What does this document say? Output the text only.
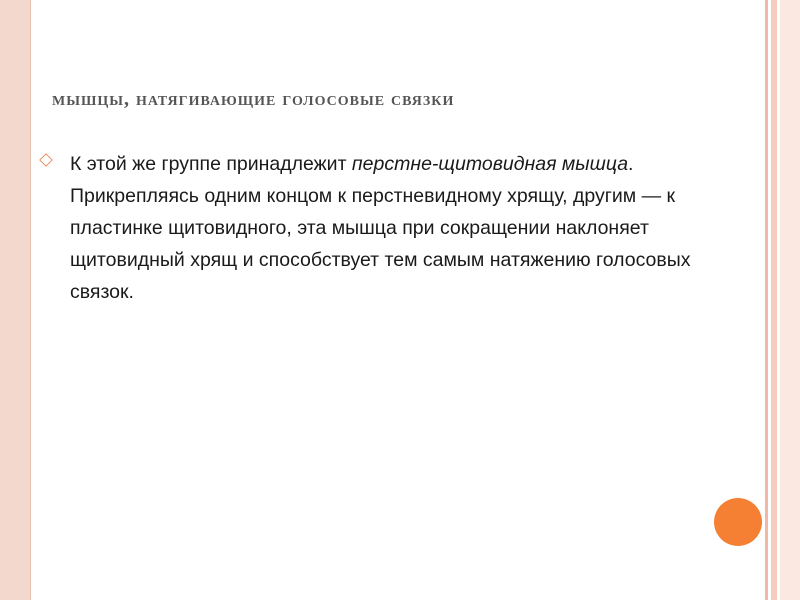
мышцы, натягивающие голосовые связки

К этой же группе принадлежит перстне-щитовидная мышца. Прикрепляясь одним концом к перстневидному хрящу, другим — к пластинке щитовидного, эта мышца при сокращении наклоняет щитовидный хрящ и способствует тем самым натяжению голосовых связок.
